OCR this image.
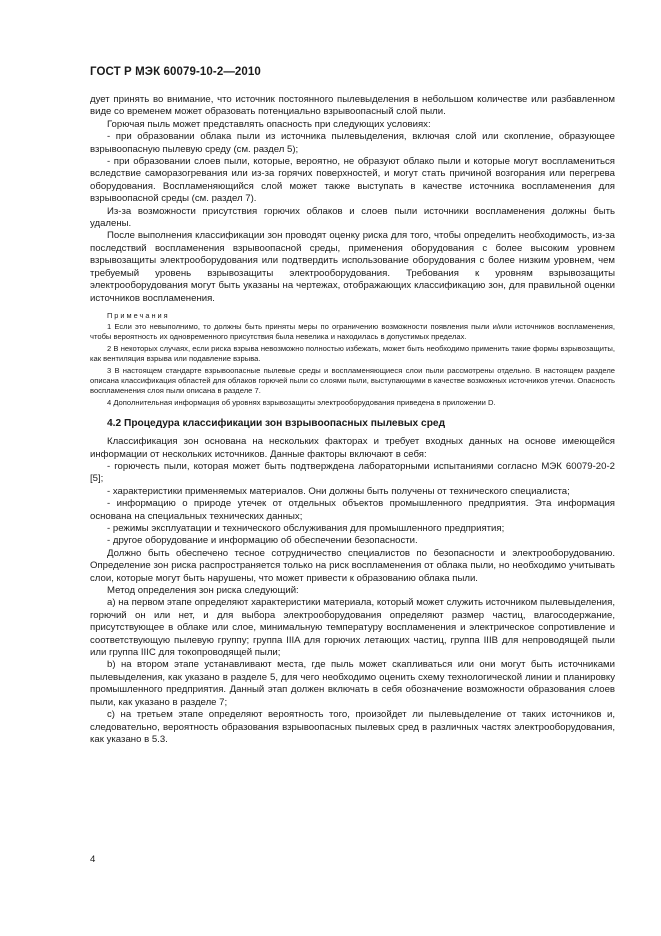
ГОСТ Р МЭК 60079-10-2—2010

дует принять во внимание, что источник постоянного пылевыделения в небольшом количестве или разбавленном виде со временем может образовать потенциально взрывоопасный слой пыли.

Горючая пыль может представлять опасность при следующих условиях:

- при образовании облака пыли из источника пылевыделения, включая слой или скопление, образующее взрывоопасную пылевую среду (см. раздел 5);

- при образовании слоев пыли, которые, вероятно, не образуют облако пыли и которые могут воспламениться вследствие саморазогревания или из-за горячих поверхностей, и могут стать причиной возгорания или перегрева оборудования. Воспламеняющийся слой может также выступать в качестве источника воспламенения для взрывоопасной среды (см. раздел 7).

Из-за возможности присутствия горючих облаков и слоев пыли источники воспламенения должны быть удалены.

После выполнения классификации зон проводят оценку риска для того, чтобы определить необходимость, из-за последствий воспламенения взрывоопасной среды, применения оборудования с более высоким уровнем взрывозащиты электрооборудования или подтвердить использование оборудования с более низким уровнем, чем требуемый уровень взрывозащиты электрооборудования. Требования к уровням взрывозащиты электрооборудования могут быть указаны на чертежах, отображающих классификацию зон, для правильной оценки источников воспламенения.

Примечания

1 Если это невыполнимо, то должны быть приняты меры по ограничению возможности появления пыли и/или источников воспламенения, чтобы вероятность их одновременного присутствия была невелика и находилась в допустимых пределах.

2 В некоторых случаях, если риска взрыва невозможно полностью избежать, может быть необходимо применить такие формы взрывозащиты, как вентиляция взрыва или подавление взрыва.

3 В настоящем стандарте взрывоопасные пылевые среды и воспламеняющиеся слои пыли рассмотрены отдельно. В настоящем разделе описана классификация областей для облаков горючей пыли со слоями пыли, выступающими в качестве возможных источников утечки. Опасность воспламенения слоя пыли описана в разделе 7.

4 Дополнительная информация об уровнях взрывозащиты электрооборудования приведена в приложении D.

4.2 Процедура классификации зон взрывоопасных пылевых сред

Классификация зон основана на нескольких факторах и требует входных данных на основе имеющейся информации от нескольких источников. Данные факторы включают в себя:

- горючесть пыли, которая может быть подтверждена лабораторными испытаниями согласно МЭК 60079-20-2 [5];

- характеристики применяемых материалов. Они должны быть получены от технического специалиста;

- информацию о природе утечек от отдельных объектов промышленного предприятия. Эта информация основана на специальных технических данных;

- режимы эксплуатации и технического обслуживания для промышленного предприятия;

- другое оборудование и информацию об обеспечении безопасности.

Должно быть обеспечено тесное сотрудничество специалистов по безопасности и электрооборудованию. Определение зон риска распространяется только на риск воспламенения от облака пыли, но необходимо учитывать слои, которые могут быть нарушены, что может привести к образованию облака пыли.

Метод определения зон риска следующий:

а) на первом этапе определяют характеристики материала, который может служить источником пылевыделения, горючий он или нет, и для выбора электрооборудования определяют размер частиц, влагосодержание, присутствующее в облаке или слое, минимальную температуру воспламенения и электрическое сопротивление и соответствующую пылевую группу; группа IIIA для горючих летающих частиц, группа IIIB для непроводящей пыли или группа IIIC для токопроводящей пыли;

b) на втором этапе устанавливают места, где пыль может скапливаться или они могут быть источниками пылевыделения, как указано в разделе 5, для чего необходимо оценить схему технологической линии и планировку промышленного предприятия. Данный этап должен включать в себя обозначение возможности образования слоев пыли, как указано в разделе 7;

с) на третьем этапе определяют вероятность того, произойдет ли пылевыделение от таких источников и, следовательно, вероятность образования взрывоопасных пылевых сред в различных частях электрооборудования, как указано в 5.3.

4
